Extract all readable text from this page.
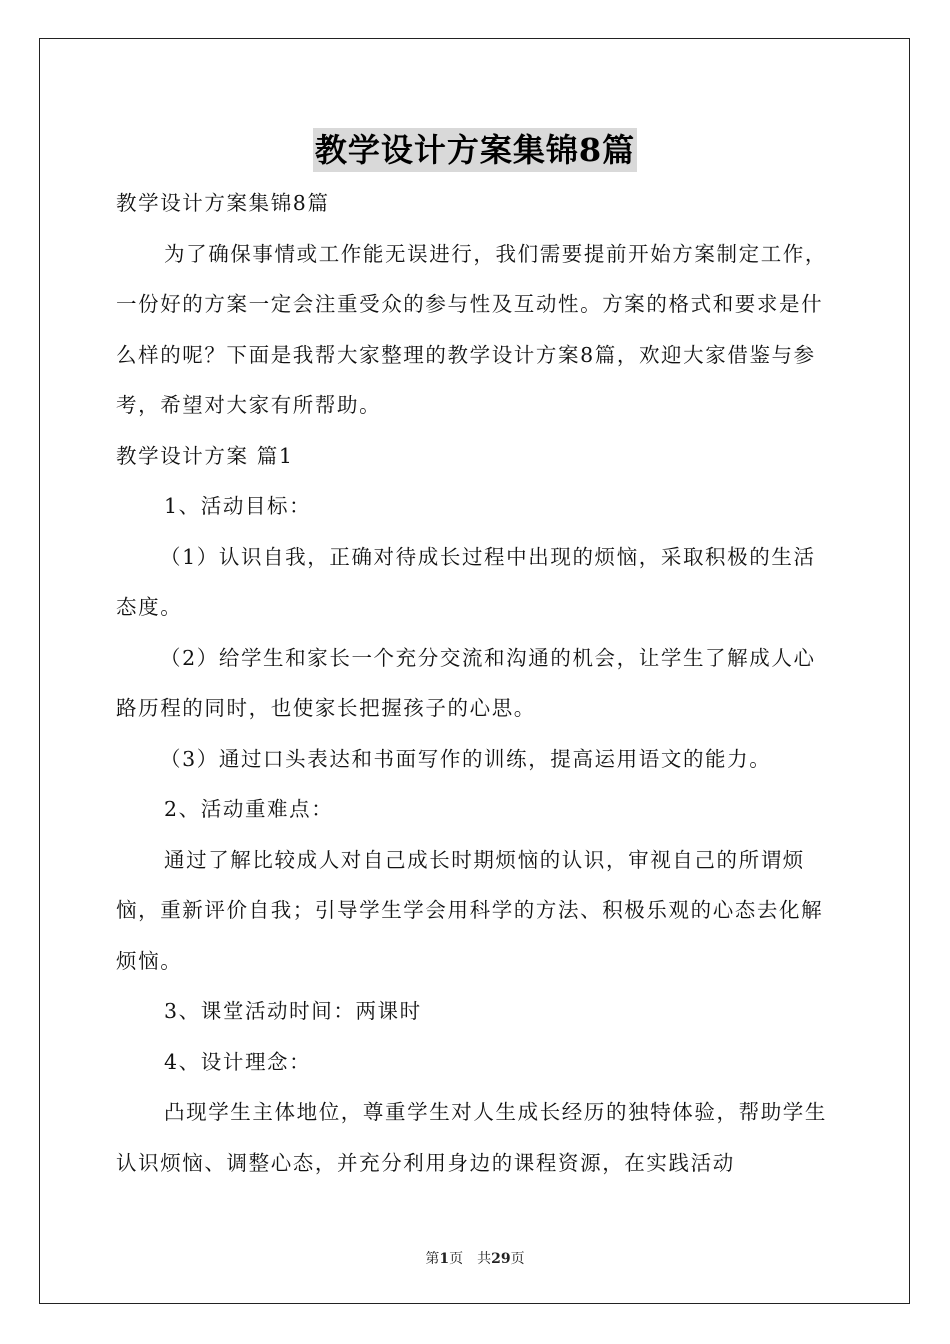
教学设计方案集锦8篇

教学设计方案集锦8篇

为了确保事情或工作能无误进行，我们需要提前开始方案制定工作，一份好的方案一定会注重受众的参与性及互动性。方案的格式和要求是什么样的呢？下面是我帮大家整理的教学设计方案8篇，欢迎大家借鉴与参考，希望对大家有所帮助。

教学设计方案 篇1

1、活动目标：

（1）认识自我，正确对待成长过程中出现的烦恼，采取积极的生活态度。

（2）给学生和家长一个充分交流和沟通的机会，让学生了解成人心路历程的同时，也使家长把握孩子的心思。

（3）通过口头表达和书面写作的训练，提高运用语文的能力。

2、活动重难点：

通过了解比较成人对自己成长时期烦恼的认识，审视自己的所谓烦恼，重新评价自我；引导学生学会用科学的方法、积极乐观的心态去化解烦恼。

3、课堂活动时间：两课时

4、设计理念：

凸现学生主体地位，尊重学生对人生成长经历的独特体验，帮助学生认识烦恼、调整心态，并充分利用身边的课程资源，在实践活动

第1页　共29页
